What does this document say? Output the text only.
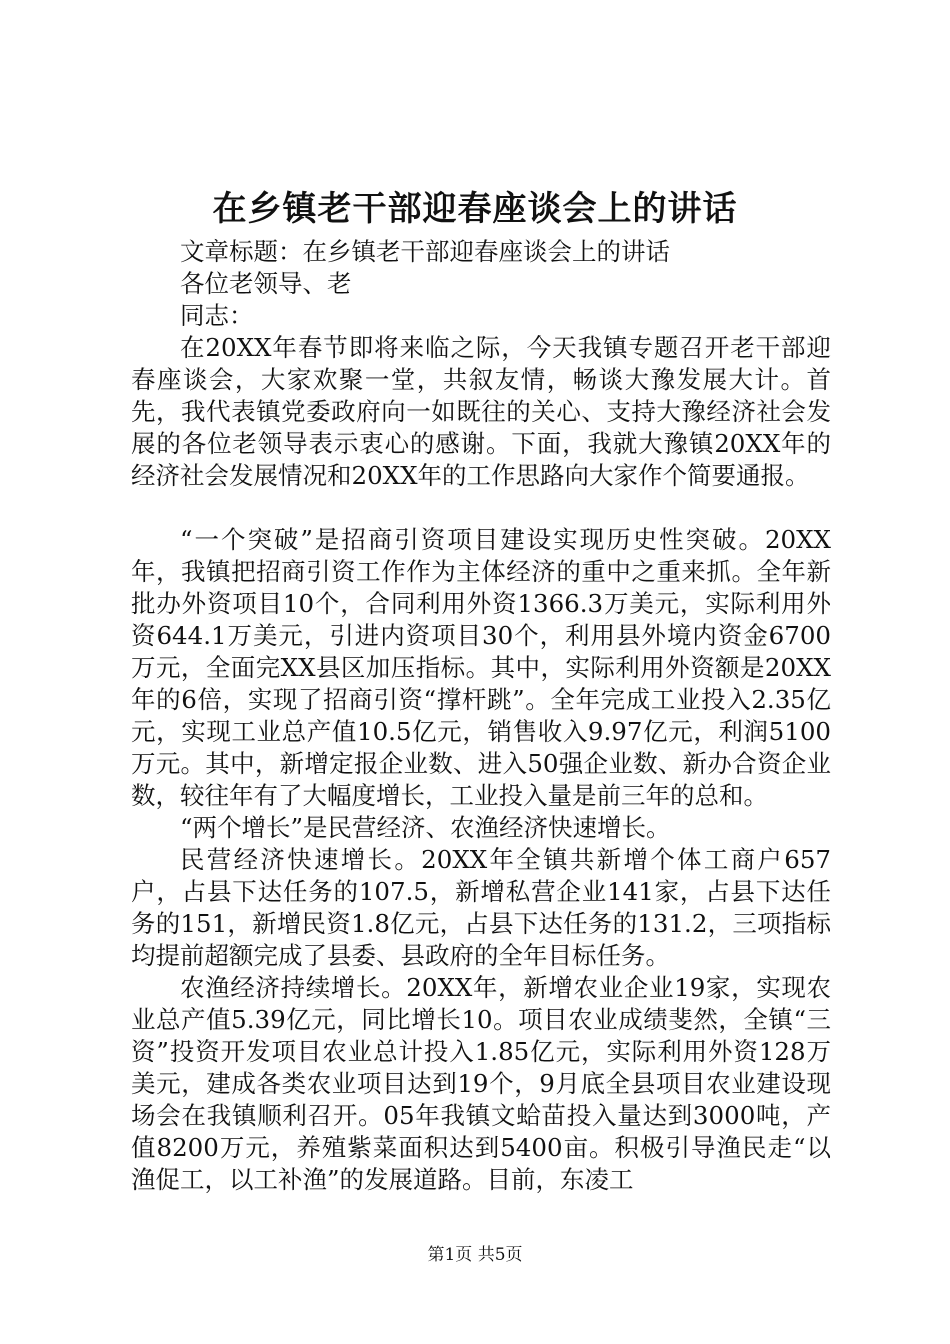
在乡镇老干部迎春座谈会上的讲话

文章标题：在乡镇老干部迎春座谈会上的讲话

各位老领导、老

同志：

在20XX年春节即将来临之际，今天我镇专题召开老干部迎春座谈会，大家欢聚一堂，共叙友情，畅谈大豫发展大计。首先，我代表镇党委政府向一如既往的关心、支持大豫经济社会发展的各位老领导表示衷心的感谢。下面，我就大豫镇20XX年的经济社会发展情况和20XX年的工作思路向大家作个简要通报。

“一个突破”是招商引资项目建设实现历史性突破。20XX年，我镇把招商引资工作作为主体经济的重中之重来抓。全年新批办外资项目10个，合同利用外资1366.3万美元，实际利用外资644.1万美元，引进内资项目30个，利用县外境内资金6700万元，全面完XX县区加压指标。其中，实际利用外资额是20XX年的6倍，实现了招商引资“撑杆跳”。全年完成工业投入2.35亿元，实现工业总产值10.5亿元，销售收入9.97亿元，利润5100万元。其中，新增定报企业数、进入50强企业数、新办合资企业数，较往年有了大幅度增长，工业投入量是前三年的总和。

“两个增长”是民营经济、农渔经济快速增长。

民营经济快速增长。20XX年全镇共新增个体工商户657户，占县下达任务的107.5，新增私营企业141家，占县下达任务的151，新增民资1.8亿元，占县下达任务的131.2，三项指标均提前超额完成了县委、县政府的全年目标任务。

农渔经济持续增长。20XX年，新增农业企业19家，实现农业总产值5.39亿元，同比增长10。项目农业成绩斐然，全镇“三资”投资开发项目农业总计投入1.85亿元，实际利用外资128万美元，建成各类农业项目达到19个，9月底全县项目农业建设现场会在我镇顺利召开。05年我镇文蛤苗投入量达到3000吨，产值8200万元，养殖紫菜面积达到5400亩。积极引导渔民走“以渔促工，以工补渔”的发展道路。目前，东凌工

第1页 共5页
